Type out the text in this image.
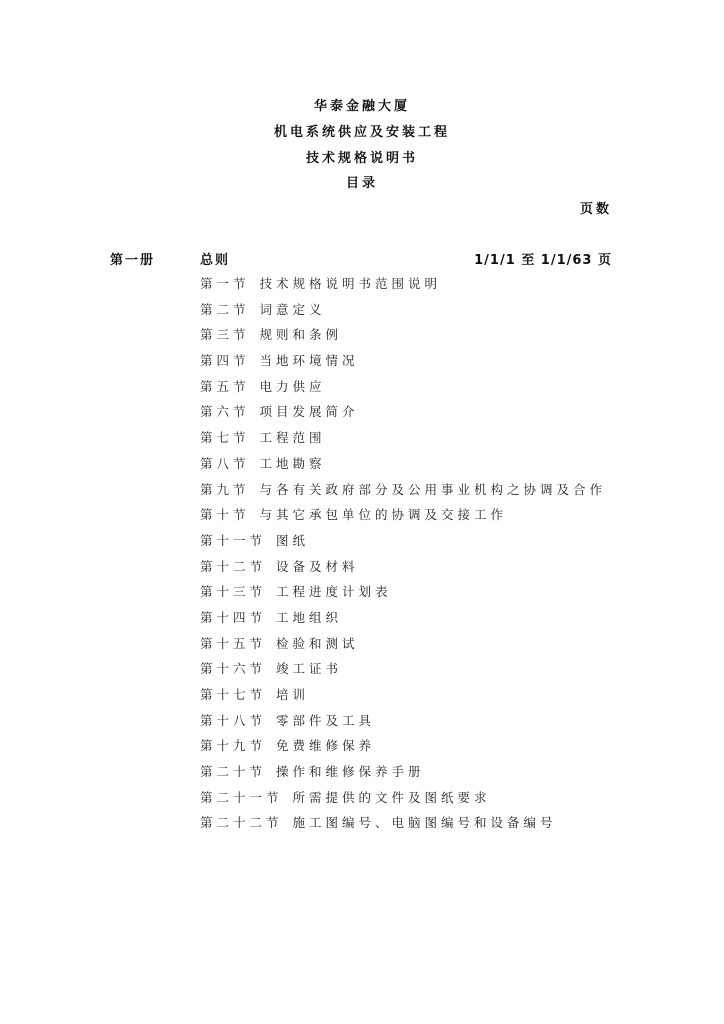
华泰金融大厦
机电系统供应及安装工程
技术规格说明书
目录
页数
第一册	总则	1/1/1 至 1/1/63 页
第一节 技术规格说明书范围说明
第二节 词意定义
第三节 规则和条例
第四节 当地环境情况
第五节 电力供应
第六节 项目发展简介
第七节 工程范围
第八节 工地勘察
第九节 与各有关政府部分及公用事业机构之协调及合作
第十节 与其它承包单位的协调及交接工作
第十一节 图纸
第十二节 设备及材料
第十三节 工程进度计划表
第十四节 工地组织
第十五节 检验和测试
第十六节 竣工证书
第十七节 培训
第十八节 零部件及工具
第十九节 免费维修保养
第二十节 操作和维修保养手册
第二十一节 所需提供的文件及图纸要求
第二十二节 施工图编号、电脑图编号和设备编号
